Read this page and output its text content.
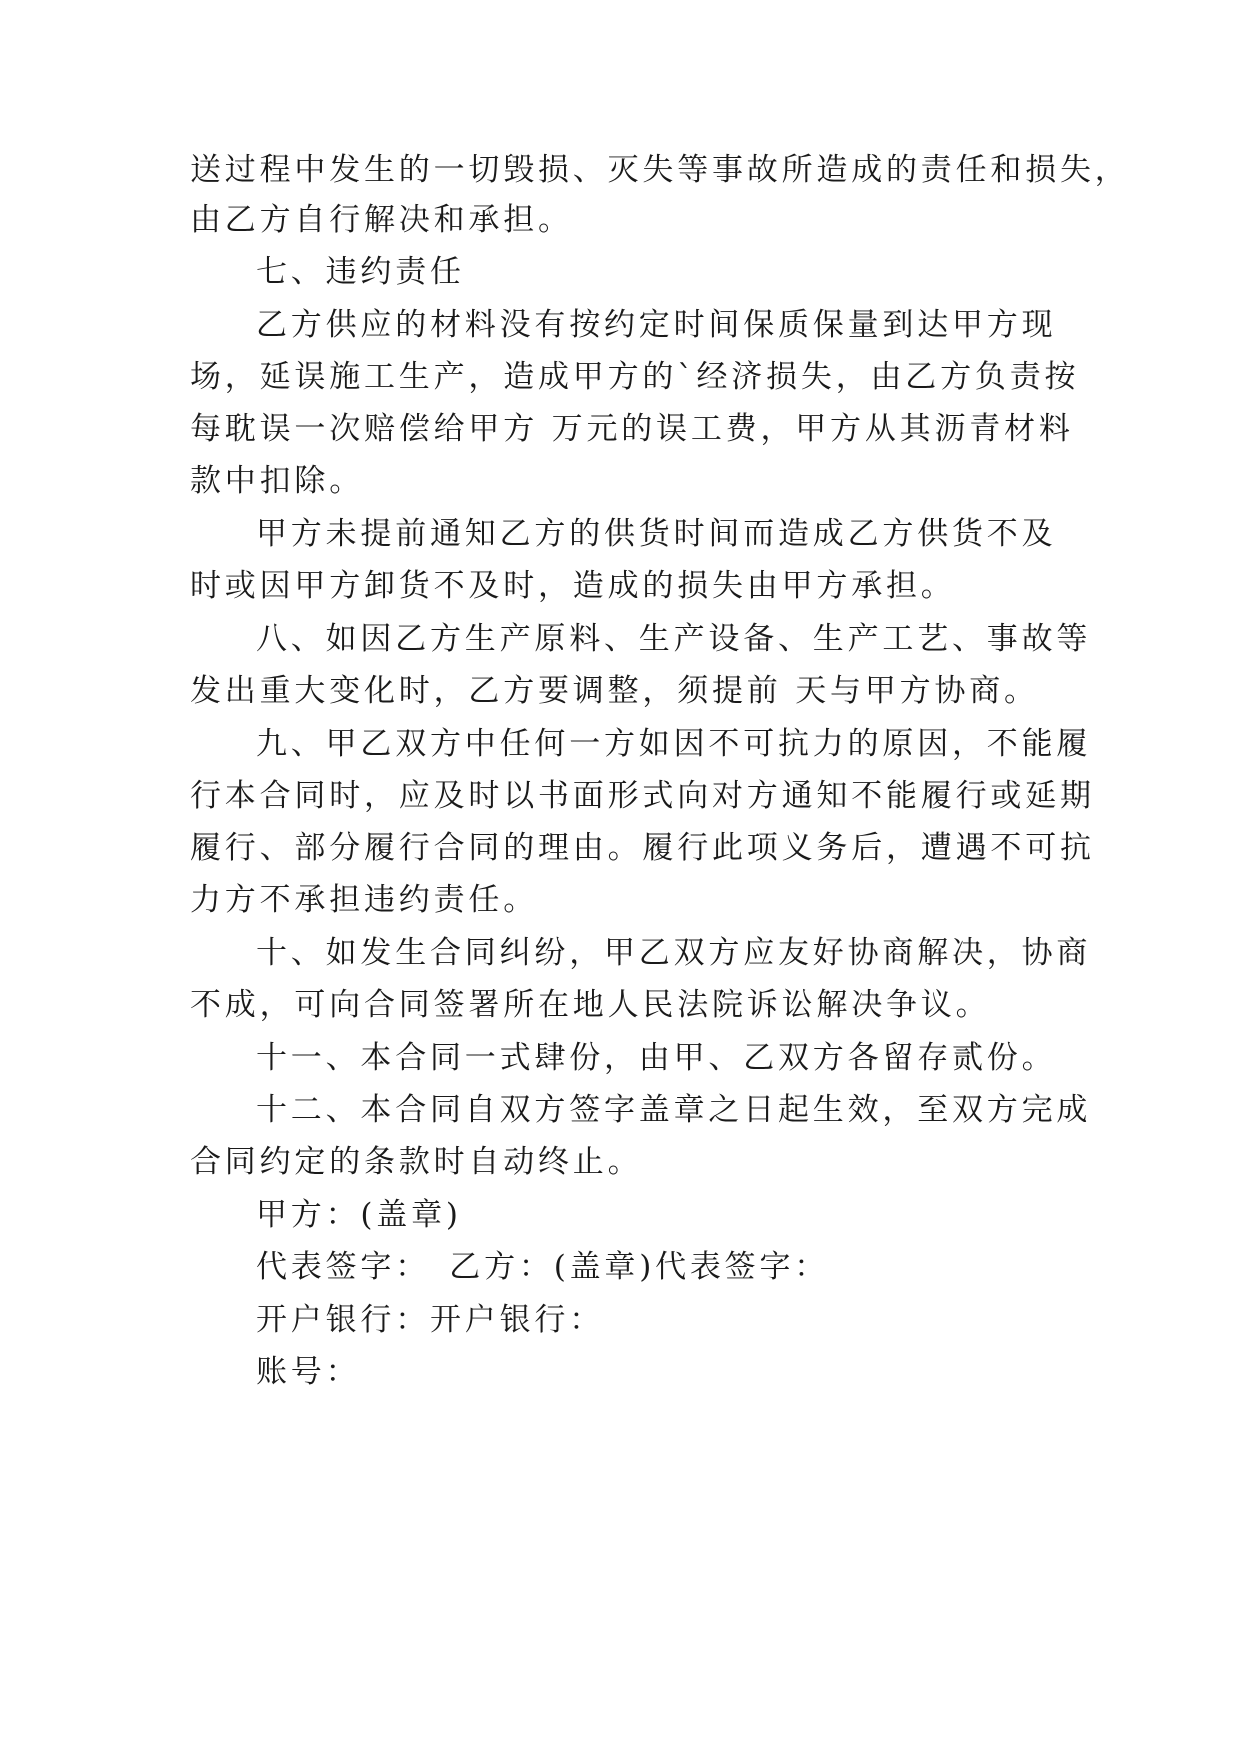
送过程中发生的一切毁损、灭失等事故所造成的责任和损失，
由乙方自行解决和承担。
七、违约责任
乙方供应的材料没有按约定时间保质保量到达甲方现
场，延误施工生产，造成甲方的`经济损失，由乙方负责按
每耽误一次赔偿给甲方 万元的误工费，甲方从其沥青材料
款中扣除。
甲方未提前通知乙方的供货时间而造成乙方供货不及
时或因甲方卸货不及时，造成的损失由甲方承担。
八、如因乙方生产原料、生产设备、生产工艺、事故等
发出重大变化时，乙方要调整，须提前 天与甲方协商。
九、甲乙双方中任何一方如因不可抗力的原因，不能履
行本合同时，应及时以书面形式向对方通知不能履行或延期
履行、部分履行合同的理由。履行此项义务后，遭遇不可抗
力方不承担违约责任。
十、如发生合同纠纷，甲乙双方应友好协商解决，协商
不成，可向合同签署所在地人民法院诉讼解决争议。
十一、本合同一式肆份，由甲、乙双方各留存贰份。
十二、本合同自双方签字盖章之日起生效，至双方完成
合同约定的条款时自动终止。
甲方：(盖章)
代表签字：　乙方：(盖章)代表签字：
开户银行：开户银行：
账号：
